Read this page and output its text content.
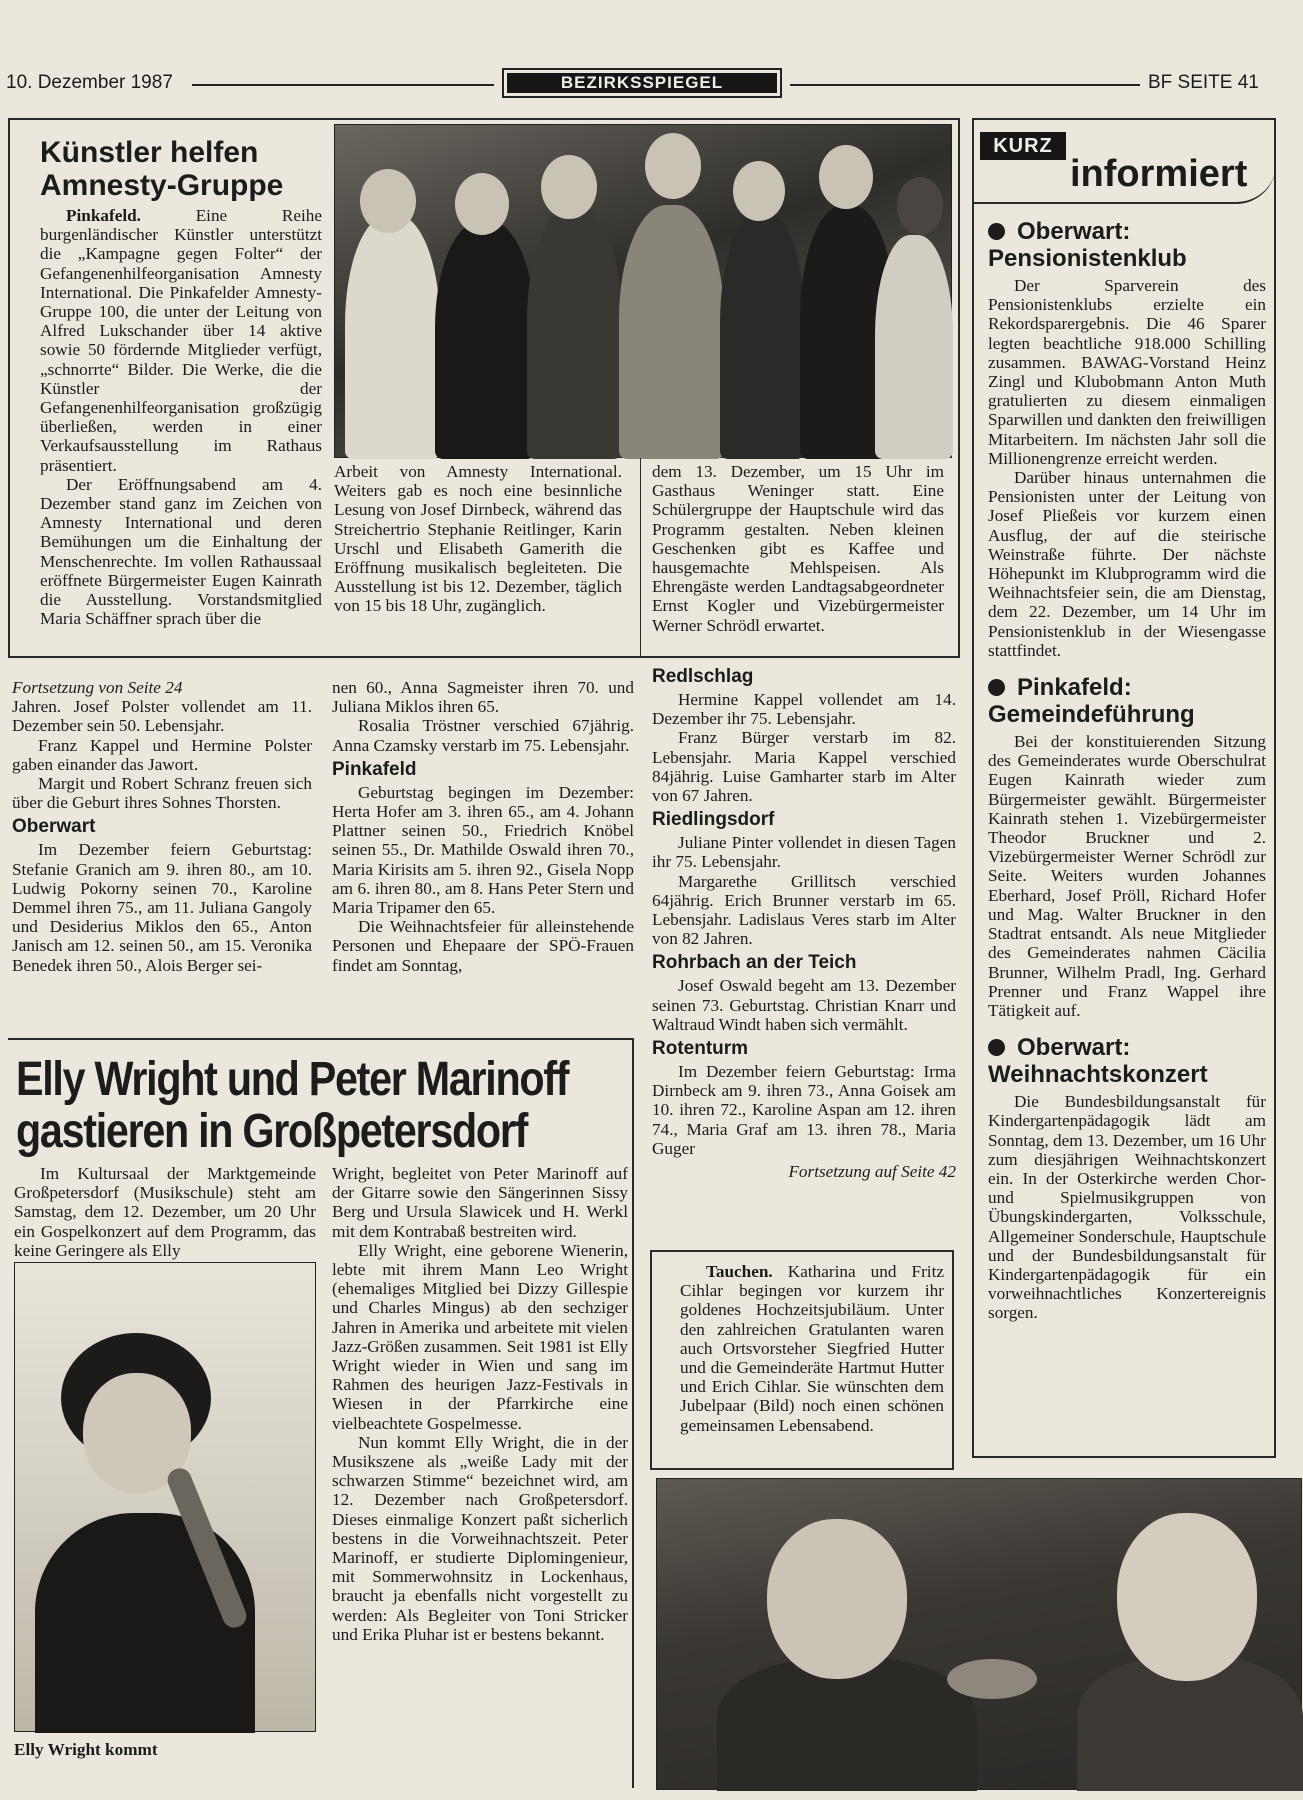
10. Dezember 1987	BEZIRKSSPIEGEL	BF SEITE 41
Künstler helfen
Amnesty-Gruppe

Pinkafeld. Eine Reihe burgenländischer Künstler unterstützt die „Kampagne gegen Folter“ der Gefangenenhilfeorganisation Amnesty International. Die Pinkafelder Amnesty-Gruppe 100, die unter der Leitung von Alfred Lukschander über 14 aktive sowie 50 fördernde Mitglieder verfügt, „schnorrte“ Bilder. Die Werke, die die Künstler der Gefangenenhilfeorganisation großzügig überließen, werden in einer Verkaufsausstellung im Rathaus präsentiert.

Der Eröffnungsabend am 4. Dezember stand ganz im Zeichen von Amnesty International und deren Bemühungen um die Einhaltung der Menschenrechte. Im vollen Rathaussaal eröffnete Bürgermeister Eugen Kainrath die Ausstellung. Vorstandsmitglied Maria Schäffner sprach über die

Arbeit von Amnesty International. Weiters gab es noch eine besinnliche Lesung von Josef Dirnbeck, während das Streichertrio Stephanie Reitlinger, Karin Urschl und Elisabeth Gamerith die Eröffnung musikalisch begleiteten. Die Ausstellung ist bis 12. Dezember, täglich von 15 bis 18 Uhr, zugänglich.

dem 13. Dezember, um 15 Uhr im Gasthaus Weninger statt. Eine Schülergruppe der Hauptschule wird das Programm gestalten. Neben kleinen Geschenken gibt es Kaffee und hausgemachte Mehlspeisen. Als Ehrengäste werden Landtagsabgeordneter Ernst Kogler und Vizebürgermeister Werner Schrödl erwartet.

Fortsetzung von Seite 24

Jahren. Josef Polster vollendet am 11. Dezember sein 50. Lebensjahr.

Franz Kappel und Hermine Polster gaben einander das Jawort.

Margit und Robert Schranz freuen sich über die Geburt ihres Sohnes Thorsten.

Oberwart

Im Dezember feiern Geburtstag: Stefanie Granich am 9. ihren 80., am 10. Ludwig Pokorny seinen 70., Karoline Demmel ihren 75., am 11. Juliana Gangoly und Desiderius Miklos den 65., Anton Janisch am 12. seinen 50., am 15. Veronika Benedek ihren 50., Alois Berger sei-

nen 60., Anna Sagmeister ihren 70. und Juliana Miklos ihren 65.

Rosalia Tröstner verschied 67jährig. Anna Czamsky verstarb im 75. Lebensjahr.

Pinkafeld

Geburtstag begingen im Dezember: Herta Hofer am 3. ihren 65., am 4. Johann Plattner seinen 50., Friedrich Knöbel seinen 55., Dr. Mathilde Oswald ihren 70., Maria Kirisits am 5. ihren 92., Gisela Nopp am 6. ihren 80., am 8. Hans Peter Stern und Maria Tripamer den 65.

Die Weihnachtsfeier für alleinstehende Personen und Ehepaare der SPÖ-Frauen findet am Sonntag,

Redlschlag

Hermine Kappel vollendet am 14. Dezember ihr 75. Lebensjahr.

Franz Bürger verstarb im 82. Lebensjahr. Maria Kappel verschied 84jährig. Luise Gamharter starb im Alter von 67 Jahren.

Riedlingsdorf

Juliane Pinter vollendet in diesen Tagen ihr 75. Lebensjahr.

Margarethe Grillitsch verschied 64jährig. Erich Brunner verstarb im 65. Lebensjahr. Ladislaus Veres starb im Alter von 82 Jahren.

Rohrbach an der Teich

Josef Oswald begeht am 13. Dezember seinen 73. Geburtstag. Christian Knarr und Waltraud Windt haben sich vermählt.

Rotenturm

Im Dezember feiern Geburtstag: Irma Dirnbeck am 9. ihren 73., Anna Goisek am 10. ihren 72., Karoline Aspan am 12. ihren 74., Maria Graf am 13. ihren 78., Maria Guger

Fortsetzung auf Seite 42

Elly Wright und Peter Marinoff
gastieren in Großpetersdorf

Im Kultursaal der Marktgemeinde Großpetersdorf (Musikschule) steht am Samstag, dem 12. Dezember, um 20 Uhr ein Gospelkonzert auf dem Programm, das keine Geringere als Elly

Elly Wright kommt

Wright, begleitet von Peter Marinoff auf der Gitarre sowie den Sängerinnen Sissy Berg und Ursula Slawicek und H. Werkl mit dem Kontrabaß bestreiten wird.

Elly Wright, eine geborene Wienerin, lebte mit ihrem Mann Leo Wright (ehemaliges Mitglied bei Dizzy Gillespie und Charles Mingus) ab den sechziger Jahren in Amerika und arbeitete mit vielen Jazz-Größen zusammen. Seit 1981 ist Elly Wright wieder in Wien und sang im Rahmen des heurigen Jazz-Festivals in Wiesen in der Pfarrkirche eine vielbeachtete Gospelmesse.

Nun kommt Elly Wright, die in der Musikszene als „weiße Lady mit der schwarzen Stimme“ bezeichnet wird, am 12. Dezember nach Großpetersdorf. Dieses einmalige Konzert paßt sicherlich bestens in die Vorweihnachtszeit. Peter Marinoff, er studierte Diplomingenieur, mit Sommerwohnsitz in Lockenhaus, braucht ja ebenfalls nicht vorgestellt zu werden: Als Begleiter von Toni Stricker und Erika Pluhar ist er bestens bekannt.

Tauchen. Katharina und Fritz Cihlar begingen vor kurzem ihr goldenes Hochzeitsjubiläum. Unter den zahlreichen Gratulanten waren auch Ortsvorsteher Siegfried Hutter und die Gemeinderäte Hartmut Hutter und Erich Cihlar. Sie wünschten dem Jubelpaar (Bild) noch einen schönen gemeinsamen Lebensabend.

KURZ
informiert
Oberwart:
Pensionistenklub

Der Sparverein des Pensionistenklubs erzielte ein Rekordsparergebnis. Die 46 Sparer legten beachtliche 918.000 Schilling zusammen. BAWAG-Vorstand Heinz Zingl und Klubobmann Anton Muth gratulierten zu diesem einmaligen Sparwillen und dankten den freiwilligen Mitarbeitern. Im nächsten Jahr soll die Millionengrenze erreicht werden.

Darüber hinaus unternahmen die Pensionisten unter der Leitung von Josef Pließeis vor kurzem einen Ausflug, der auf die steirische Weinstraße führte. Der nächste Höhepunkt im Klubprogramm wird die Weihnachtsfeier sein, die am Dienstag, dem 22. Dezember, um 14 Uhr im Pensionistenklub in der Wiesengasse stattfindet.

Pinkafeld:
Gemeindeführung

Bei der konstituierenden Sitzung des Gemeinderates wurde Oberschulrat Eugen Kainrath wieder zum Bürgermeister gewählt. Bürgermeister Kainrath stehen 1. Vizebürgermeister Theodor Bruckner und 2. Vizebürgermeister Werner Schrödl zur Seite. Weiters wurden Johannes Eberhard, Josef Pröll, Richard Hofer und Mag. Walter Bruckner in den Stadtrat entsandt. Als neue Mitglieder des Gemeinderates nahmen Cäcilia Brunner, Wilhelm Pradl, Ing. Gerhard Prenner und Franz Wappel ihre Tätigkeit auf.

Oberwart:
Weihnachtskonzert

Die Bundesbildungsanstalt für Kindergartenpädagogik lädt am Sonntag, dem 13. Dezember, um 16 Uhr zum diesjährigen Weihnachtskonzert ein. In der Osterkirche werden Chor- und Spielmusikgruppen von Übungskindergarten, Volksschule, Allgemeiner Sonderschule, Hauptschule und der Bundesbildungsanstalt für Kindergartenpädagogik für ein vorweihnachtliches Konzertereignis sorgen.
